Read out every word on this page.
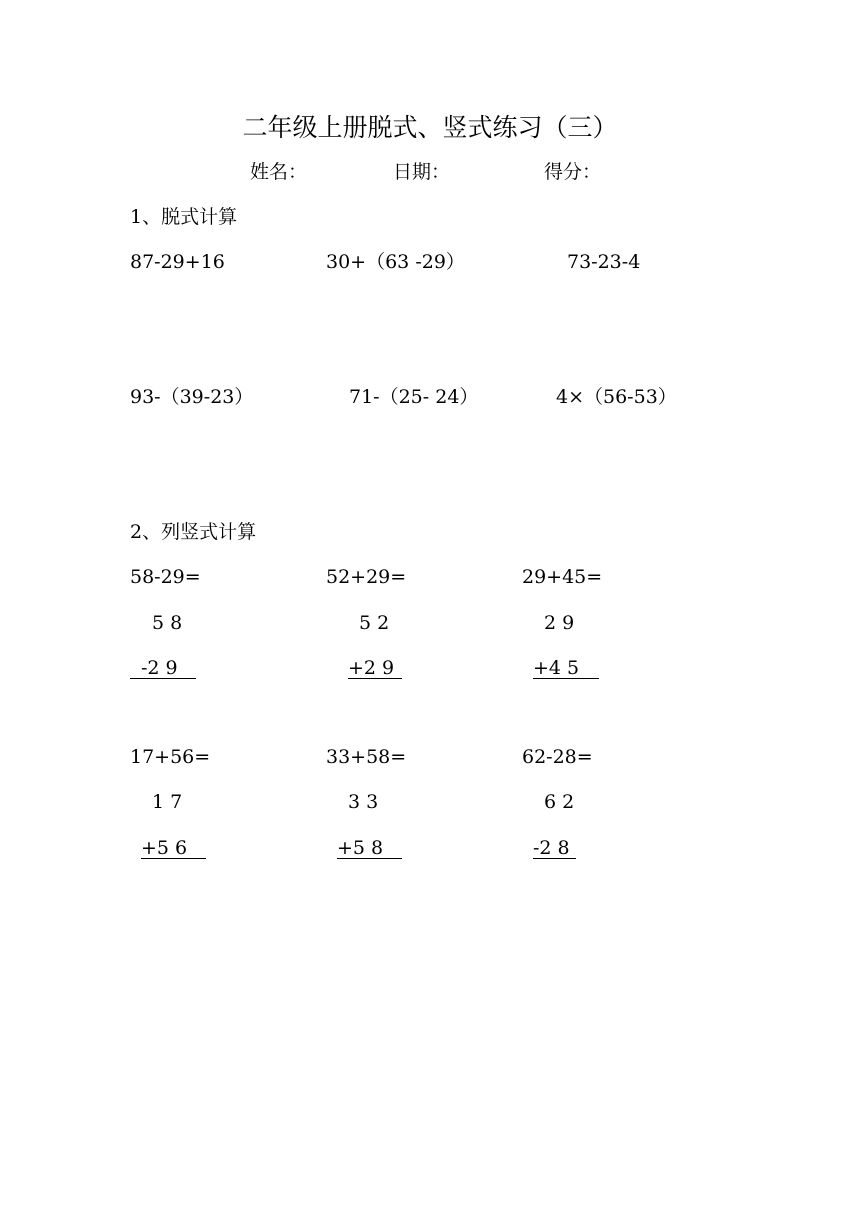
二年级上册脱式、竖式练习（三）
姓名：	日期：	得分：
1、脱式计算
87-29+16	30+（63 -29）	73-23-4
93-（39-23）	71-（25- 24）	4×（56-53）
2、列竖式计算
58-29=
5 8
-2 9
52+29=
5 2
+2 9
29+45=
2 9
+4 5
17+56=
1 7
+5 6
33+58=
3 3
+5 8
62-28=
6 2
-2 8
